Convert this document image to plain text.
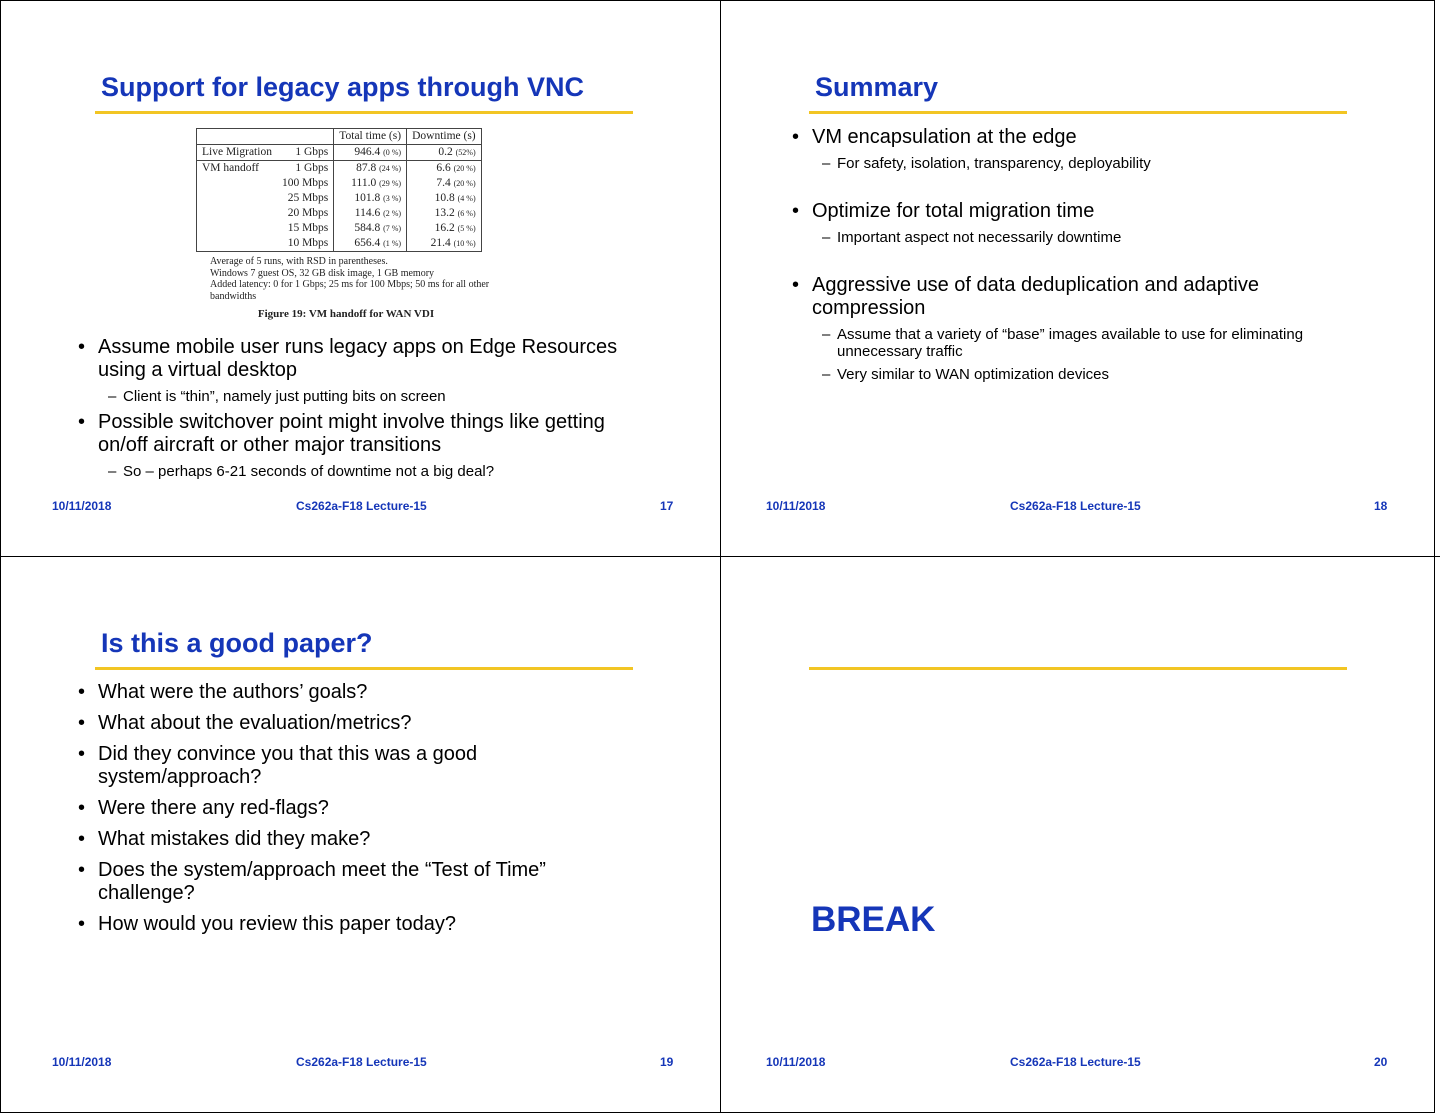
Support for legacy apps through VNC
		Total time (s)	Downtime (s)
Live Migration	1 Gbps	946.4 (0 %)	0.2 (52%)
VM handoff	1 Gbps	87.8 (24 %)	6.6 (20 %)
	100 Mbps	111.0 (29 %)	7.4 (20 %)
	25 Mbps	101.8 (3 %)	10.8 (4 %)
	20 Mbps	114.6 (2 %)	13.2 (6 %)
	15 Mbps	584.8 (7 %)	16.2 (5 %)
	10 Mbps	656.4 (1 %)	21.4 (10 %)
Average of 5 runs, with RSD in parentheses.
Windows 7 guest OS, 32 GB disk image, 1 GB memory
Added latency: 0 for 1 Gbps; 25 ms for 100 Mbps; 50 ms for all other bandwidths
Figure 19: VM handoff for WAN VDI
• Assume mobile user runs legacy apps on Edge Resources using a virtual desktop
– Client is “thin”, namely just putting bits on screen
• Possible switchover point might involve things like getting on/off aircraft or other major transitions
– So – perhaps 6-21 seconds of downtime not a big deal?
10/11/2018	Cs262a-F18 Lecture-15	17
Summary
• VM encapsulation at the edge
– For safety, isolation, transparency, deployability
• Optimize for total migration time
– Important aspect not necessarily downtime
• Aggressive use of data deduplication and adaptive compression
– Assume that a variety of “base” images available to use for eliminating unnecessary traffic
– Very similar to WAN optimization devices
10/11/2018	Cs262a-F18 Lecture-15	18
Is this a good paper?
• What were the authors’ goals?
• What about the evaluation/metrics?
• Did they convince you that this was a good system/approach?
• Were there any red-flags?
• What mistakes did they make?
• Does the system/approach meet the “Test of Time” challenge?
• How would you review this paper today?
10/11/2018	Cs262a-F18 Lecture-15	19
BREAK
10/11/2018	Cs262a-F18 Lecture-15	20
